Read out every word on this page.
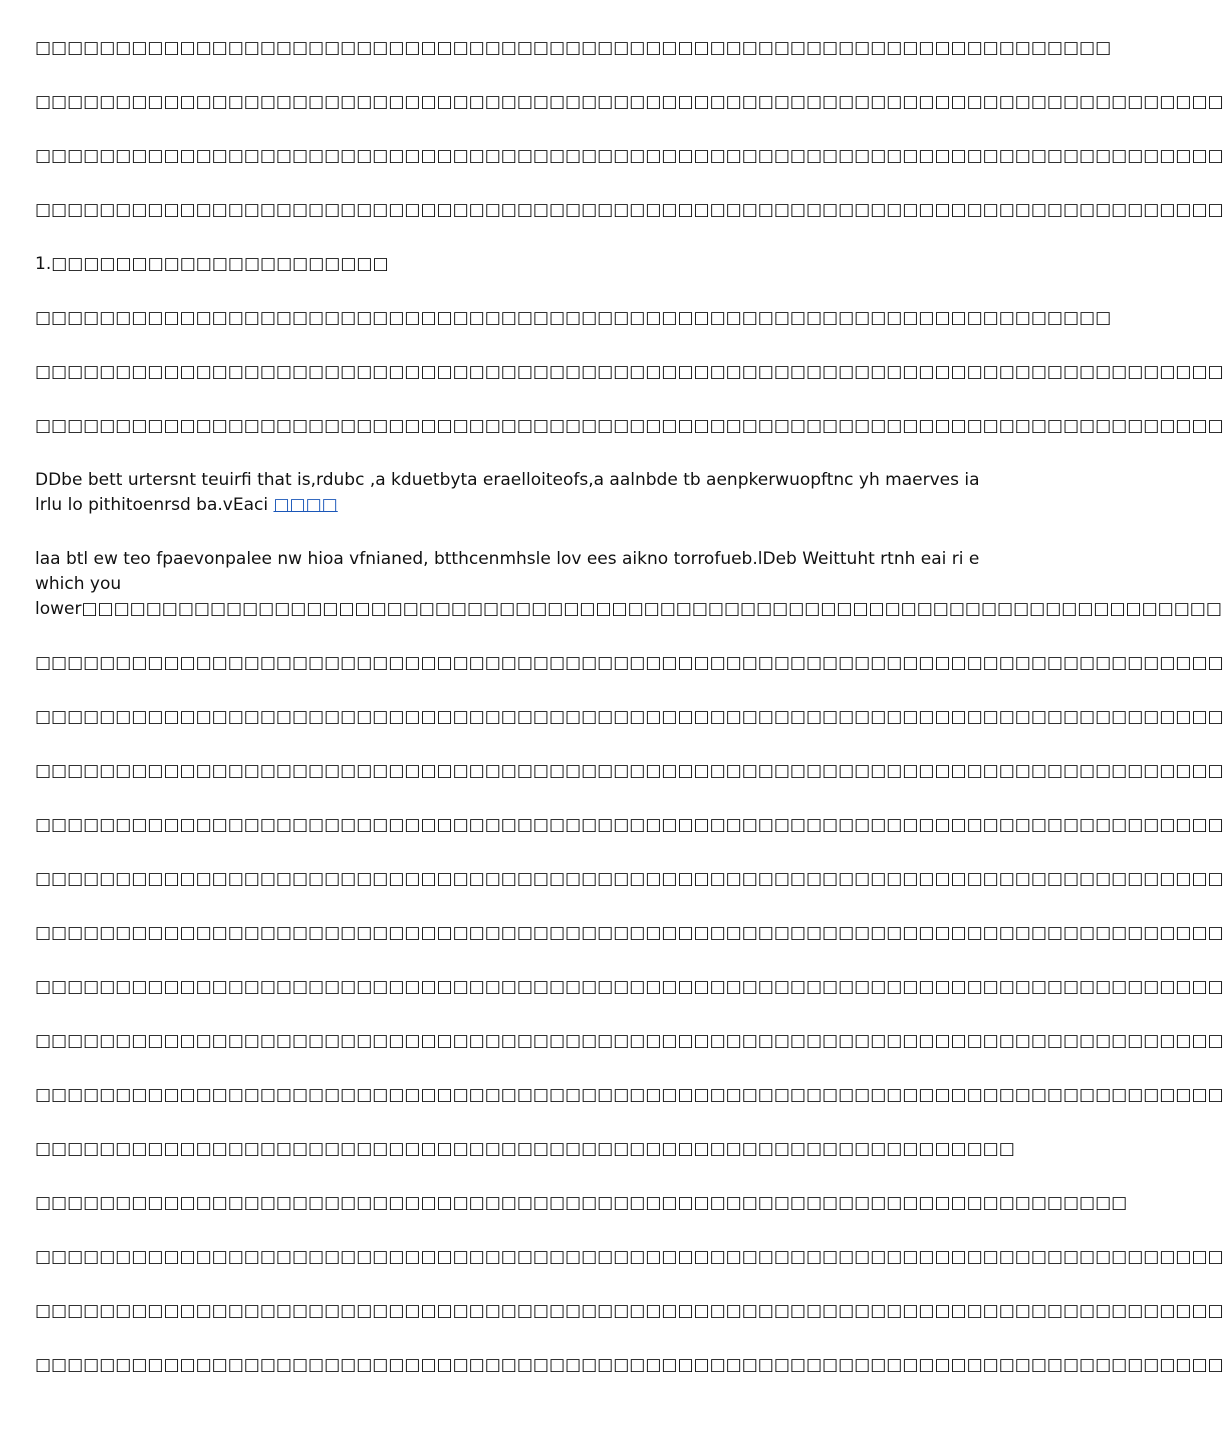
□□□□□□□□□□□□□□□□□□□□□□□□□□□□□□□□□□□□□□□□□□□□□□□□□□□□□□□□□□□□□□□□□□□

□□□□□□□□□□□□□□□□□□□□□□□□□□□□□□□□□□□□□□□□□□□□□□□□□□□□□□□□□□□□□□□□□□□□□□□□□□

□□□□□□□□□□□□□□□□□□□□□□□□□□□□□□□□□□□□□□□□□□□□□□□□□□□□□□□□□□□□□□□□□□□□□□□□□□

□□□□□□□□□□□□□□□□□□□□□□□□□□□□□□□□□□□□□□□□□□□□□□□□□□□□□□□□□□□□□□□□□□□□□□□□□□

1.□□□□□□□□□□□□□□□□□□□□□

□□□□□□□□□□□□□□□□□□□□□□□□□□□□□□□□□□□□□□□□□□□□□□□□□□□□□□□□□□□□□□□□□□□

□□□□□□□□□□□□□□□□□□□□□□□□□□□□□□□□□□□□□□□□□□□□□□□□□□□□□□□□□□□□□□□□□□□□□□□□□□

□□□□□□□□□□□□□□□□□□□□□□□□□□□□□□□□□□□□□□□□□□□□□□□□□□□□□□□□□□□□□□□□□□□□□□□□□□

DDbe bett urtersnt teuirfi that is,rdubc ,a kduetbyta eraelloiteofs,a aalnbde tb aenpkerwuopftnc yh maerves ia lrlu lo pithitoenrsd ba.vEaci □□□□

laa btl ew teo fpaevonpalee nw hioa vfnianed, btthcenmhsle lov ees aikno torrofueb.lDeb Weittuht rtnh eai ri e which you
lower□□□□□□□□□□□□□□□□□□□□□□□□□□□□□□□□□□□□□□□□□□□□□□□□□□□□□□□□□□□□□□□□□□□□□□□

□□□□□□□□□□□□□□□□□□□□□□□□□□□□□□□□□□□□□□□□□□□□□□□□□□□□□□□□□□□□□□□□□□□□□□□□□□

□□□□□□□□□□□□□□□□□□□□□□□□□□□□□□□□□□□□□□□□□□□□□□□□□□□□□□□□□□□□□□□□□□□□□□□□□□

□□□□□□□□□□□□□□□□□□□□□□□□□□□□□□□□□□□□□□□□□□□□□□□□□□□□□□□□□□□□□□□□□□□□□□□□□□

□□□□□□□□□□□□□□□□□□□□□□□□□□□□□□□□□□□□□□□□□□□□□□□□□□□□□□□□□□□□□□□□□□□□□□□□□□

□□□□□□□□□□□□□□□□□□□□□□□□□□□□□□□□□□□□□□□□□□□□□□□□□□□□□□□□□□□□□□□□□□□□□□□□□□

□□□□□□□□□□□□□□□□□□□□□□□□□□□□□□□□□□□□□□□□□□□□□□□□□□□□□□□□□□□□□□□□□□□□□□□□□□

□□□□□□□□□□□□□□□□□□□□□□□□□□□□□□□□□□□□□□□□□□□□□□□□□□□□□□□□□□□□□□□□□□□□□□□□□□

□□□□□□□□□□□□□□□□□□□□□□□□□□□□□□□□□□□□□□□□□□□□□□□□□□□□□□□□□□□□□□□□□□□□□□□□□□

□□□□□□□□□□□□□□□□□□□□□□□□□□□□□□□□□□□□□□□□□□□□□□□□□□□□□□□□□□□□□□□□□□□□□□□□□□

□□□□□□□□□□□□□□□□□□□□□□□□□□□□□□□□□□□□□□□□□□□□□□□□□□□□□□□□□□□□□

□□□□□□□□□□□□□□□□□□□□□□□□□□□□□□□□□□□□□□□□□□□□□□□□□□□□□□□□□□□□□□□□□□□□

□□□□□□□□□□□□□□□□□□□□□□□□□□□□□□□□□□□□□□□□□□□□□□□□□□□□□□□□□□□□□□□□□□□□□□□□□□

□□□□□□□□□□□□□□□□□□□□□□□□□□□□□□□□□□□□□□□□□□□□□□□□□□□□□□□□□□□□□□□□□□□□□□□□□□

□□□□□□□□□□□□□□□□□□□□□□□□□□□□□□□□□□□□□□□□□□□□□□□□□□□□□□□□□□□□□□□□□□□□□□□□□□
